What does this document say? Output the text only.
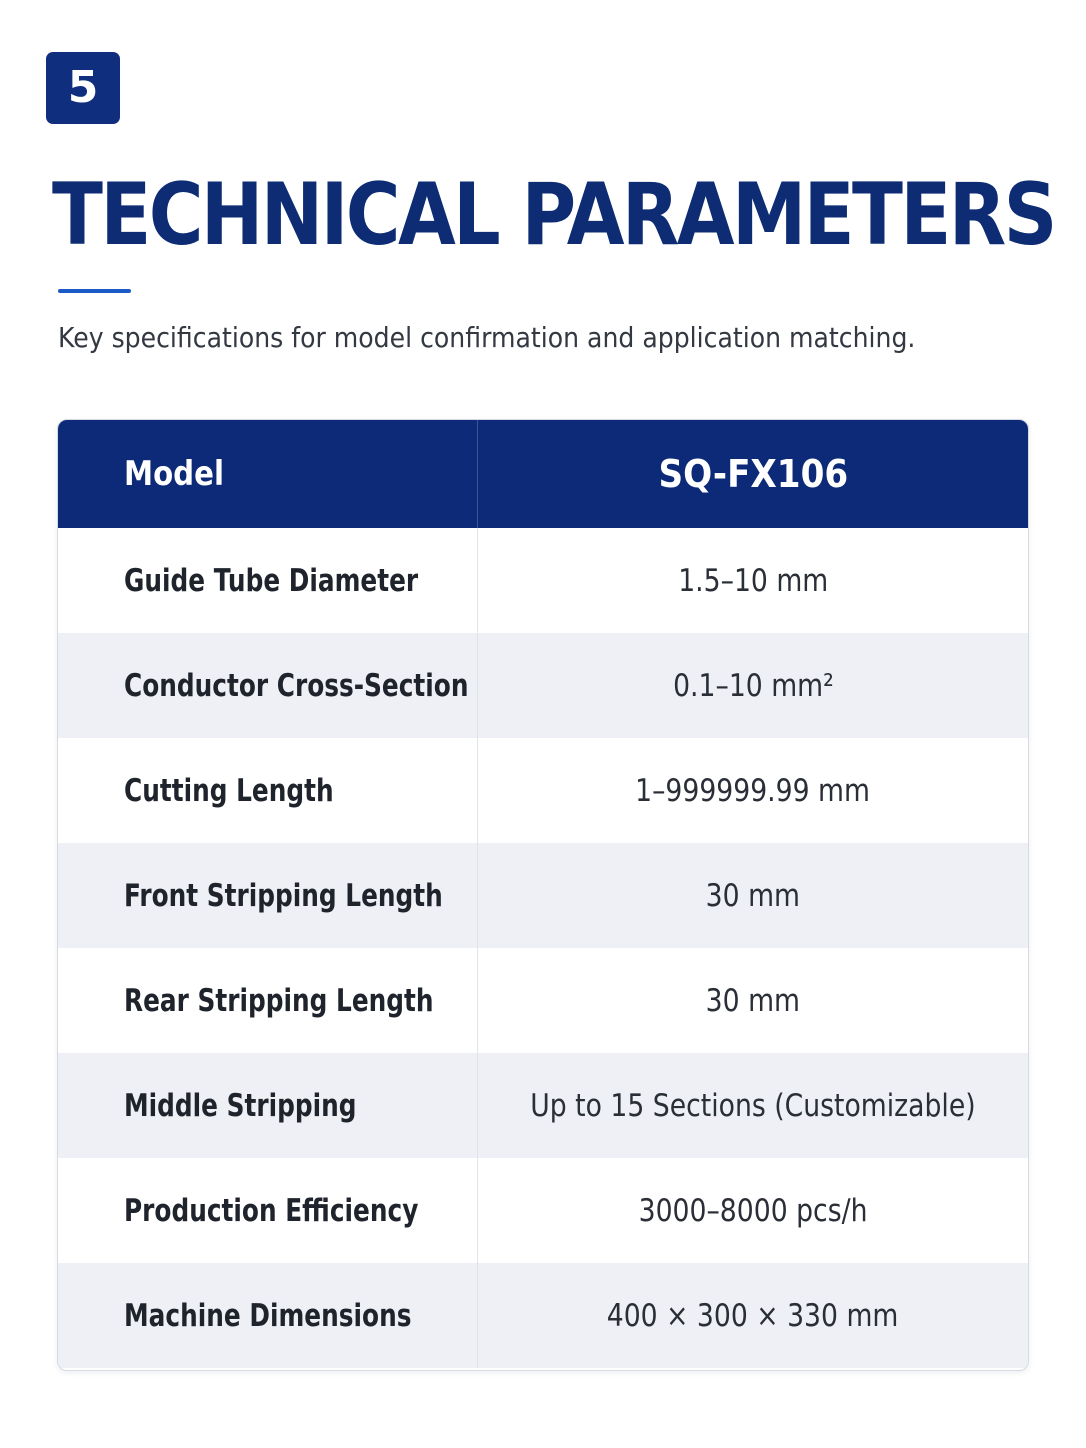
5
TECHNICAL PARAMETERS

Key specifications for model confirmation and application matching.

Model	SQ-FX106
Guide Tube Diameter	1.5–10 mm
Conductor Cross-Section	0.1–10 mm²
Cutting Length	1–999999.99 mm
Front Stripping Length	30 mm
Rear Stripping Length	30 mm
Middle Stripping	Up to 15 Sections (Customizable)
Production Efficiency	3000–8000 pcs/h
Machine Dimensions	400 × 300 × 330 mm
